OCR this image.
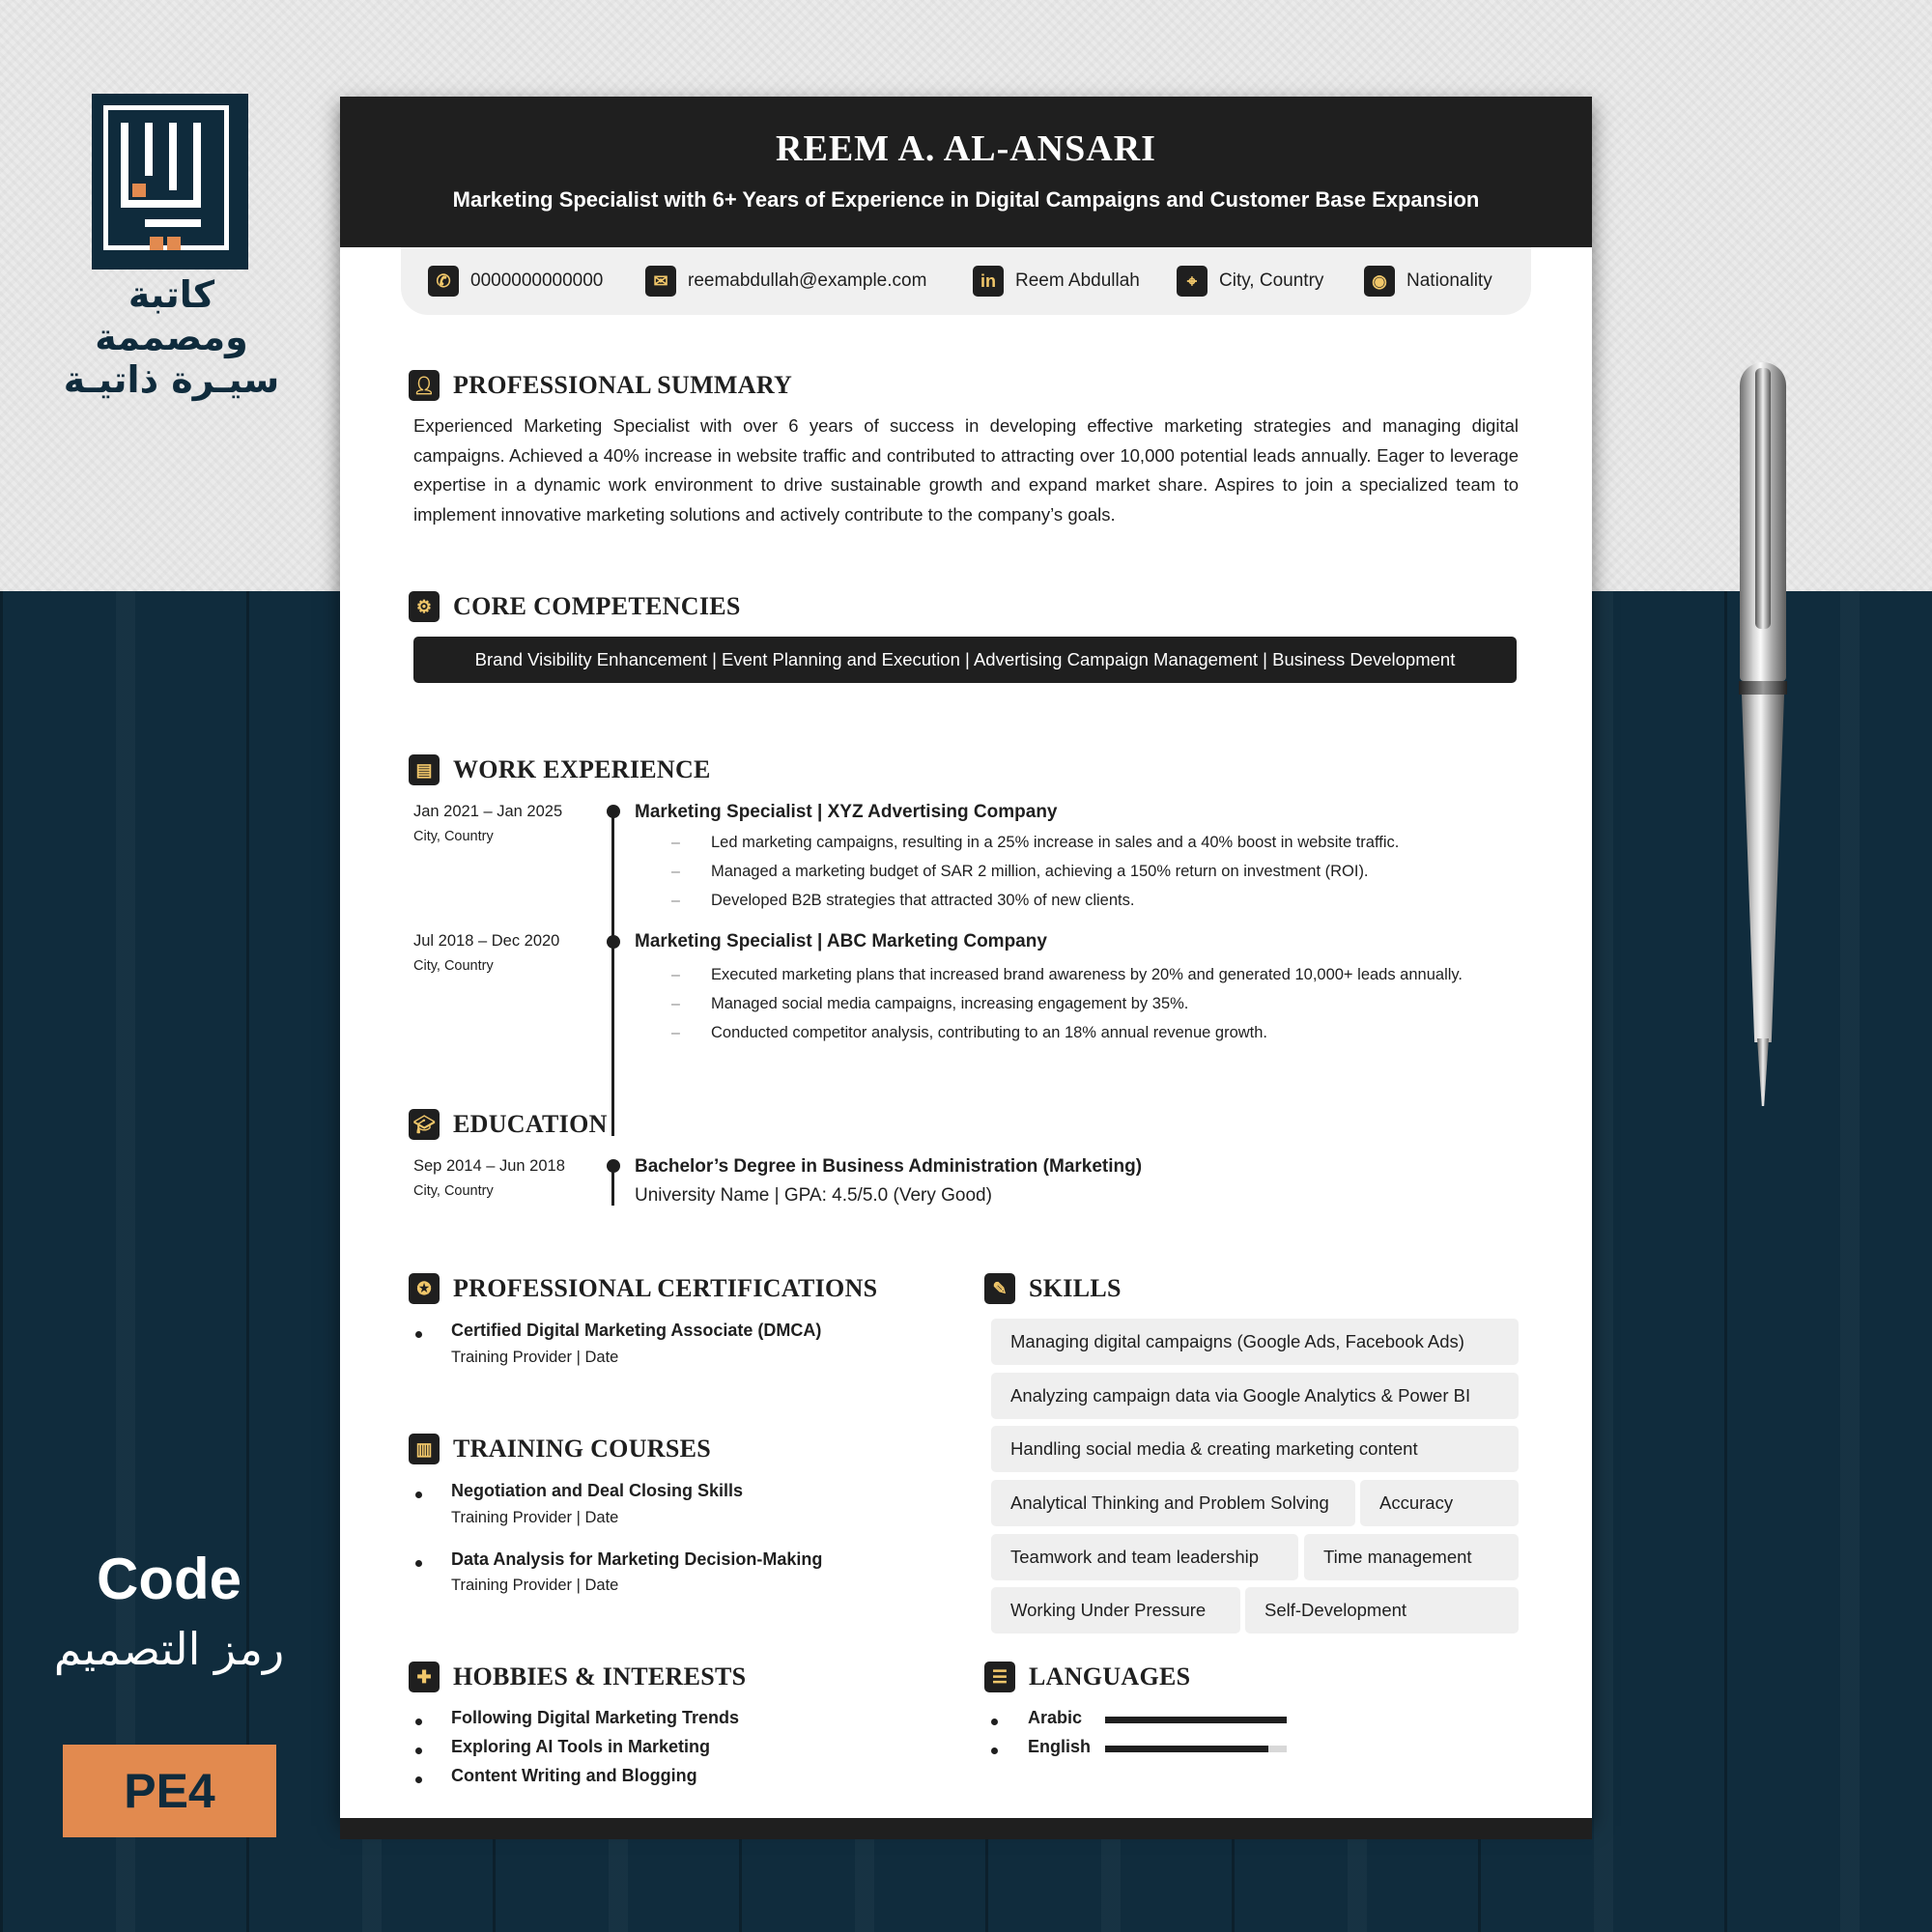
كاتبة ومصممة
سيـرة ذاتيـة
Code
رمز التصميم
PE4
REEM A. AL-ANSARI
Marketing Specialist with 6+ Years of Experience in Digital Campaigns and Customer Base Expansion
✆	0000000000000	✉	reemabdullah@example.com	in	Reem Abdullah	⌖	City, Country	◉	Nationality
👤︎ PROFESSIONAL SUMMARY
Experienced Marketing Specialist with over 6 years of success in developing effective marketing strategies and managing digital campaigns. Achieved a 40% increase in website traffic and contributed to attracting over 10,000 potential leads annually. Eager to leverage expertise in a dynamic work environment to drive sustainable growth and expand market share. Aspires to join a specialized team to implement innovative marketing solutions and actively contribute to the company’s goals.
⚙ CORE COMPETENCIES
Brand Visibility Enhancement | Event Planning and Execution | Advertising Campaign Management | Business Development
▤ WORK EXPERIENCE
Jan 2021 – Jan 2025
City, Country
Marketing Specialist | XYZ Advertising Company
– Led marketing campaigns, resulting in a 25% increase in sales and a 40% boost in website traffic.
– Managed a marketing budget of SAR 2 million, achieving a 150% return on investment (ROI).
– Developed B2B strategies that attracted 30% of new clients.
Jul 2018 – Dec 2020
City, Country
Marketing Specialist | ABC Marketing Company
– Executed marketing plans that increased brand awareness by 20% and generated 10,000+ leads annually.
– Managed social media campaigns, increasing engagement by 35%.
– Conducted competitor analysis, contributing to an 18% annual revenue growth.
🎓︎ EDUCATION
Sep 2014 – Jun 2018
City, Country
Bachelor’s Degree in Business Administration (Marketing)
University Name | GPA: 4.5/5.0 (Very Good)
✪ PROFESSIONAL CERTIFICATIONS
Certified Digital Marketing Associate (DMCA)
Training Provider | Date
▥ TRAINING COURSES
Negotiation and Deal Closing Skills
Training Provider | Date
Data Analysis for Marketing Decision-Making
Training Provider | Date
✚ HOBBIES & INTERESTS
Following Digital Marketing Trends
Exploring AI Tools in Marketing
Content Writing and Blogging
✎ SKILLS
Managing digital campaigns (Google Ads, Facebook Ads)
Analyzing campaign data via Google Analytics & Power BI
Handling social media & creating marketing content
Analytical Thinking and Problem Solving	Accuracy
Teamwork and team leadership	Time management
Working Under Pressure	Self-Development
☰ LANGUAGES
Arabic
English
